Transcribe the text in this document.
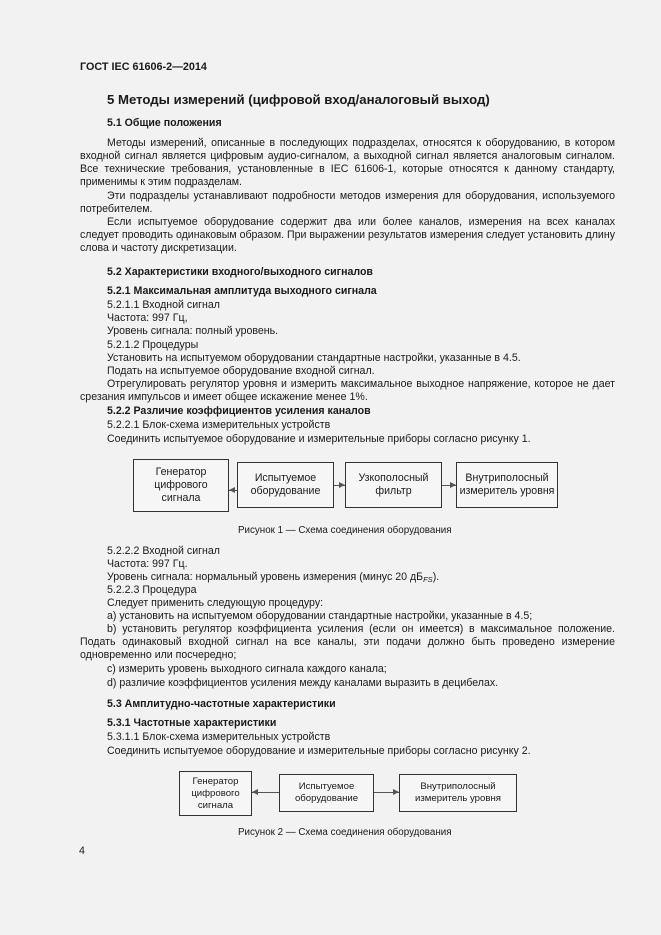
ГОСТ IEC 61606-2—2014
5 Методы измерений (цифровой вход/аналоговый выход)
5.1 Общие положения
Методы измерений, описанные в последующих подразделах, относятся к оборудованию, в котором входной сигнал является цифровым аудио-сигналом, а выходной сигнал является аналоговым сигналом. Все технические требования, установленные в IEC 61606-1, которые относятся к данному стандарту, применимы к этим подразделам.
Эти подразделы устанавливают подробности методов измерения для оборудования, используемого потребителем.
Если испытуемое оборудование содержит два или более каналов, измерения на всех каналах следует проводить одинаковым образом. При выражении результатов измерения следует установить длину слова и частоту дискретизации.
5.2 Характеристики входного/выходного сигналов
5.2.1 Максимальная амплитуда выходного сигнала
5.2.1.1 Входной сигнал
Частота: 997 Гц,
Уровень сигнала: полный уровень.
5.2.1.2 Процедуры
Установить на испытуемом оборудовании стандартные настройки, указанные в 4.5.
Подать на испытуемое оборудование входной сигнал.
Отрегулировать регулятор уровня и измерить максимальное выходное напряжение, которое не дает срезания импульсов и имеет общее искажение менее 1%.
5.2.2 Различие коэффициентов усиления каналов
5.2.2.1 Блок-схема измерительных устройств
Соединить испытуемое оборудование и измерительные приборы согласно рисунку 1.
Генератор цифрового сигнала
Испытуемое оборудование
Узкополосный фильтр
Внутриполосный измеритель уровня
Рисунок 1 — Схема соединения оборудования
5.2.2.2 Входной сигнал
Частота: 997 Гц.
Уровень сигнала: нормальный уровень измерения (минус 20 $дБ_{FS}$).
5.2.2.3 Процедура
Следует применить следующую процедуру:
a) установить на испытуемом оборудовании стандартные настройки, указанные в 4.5;
b) установить регулятор коэффициента усиления (если он имеется) в максимальное положение. Подать одинаковый входной сигнал на все каналы, эти подачи должно быть проведено измерение одновременно или посчередно;
c) измерить уровень выходного сигнала каждого канала;
d) различие коэффициентов усиления между каналами выразить в децибелах.
5.3 Амплитудно-частотные характеристики
5.3.1 Частотные характеристики
5.3.1.1 Блок-схема измерительных устройств
Соединить испытуемое оборудование и измерительные приборы согласно рисунку 2.
Генератор цифрового сигнала
Испытуемое оборудование
Внутриполосный измеритель уровня
Рисунок 2 — Схема соединения оборудования
4
